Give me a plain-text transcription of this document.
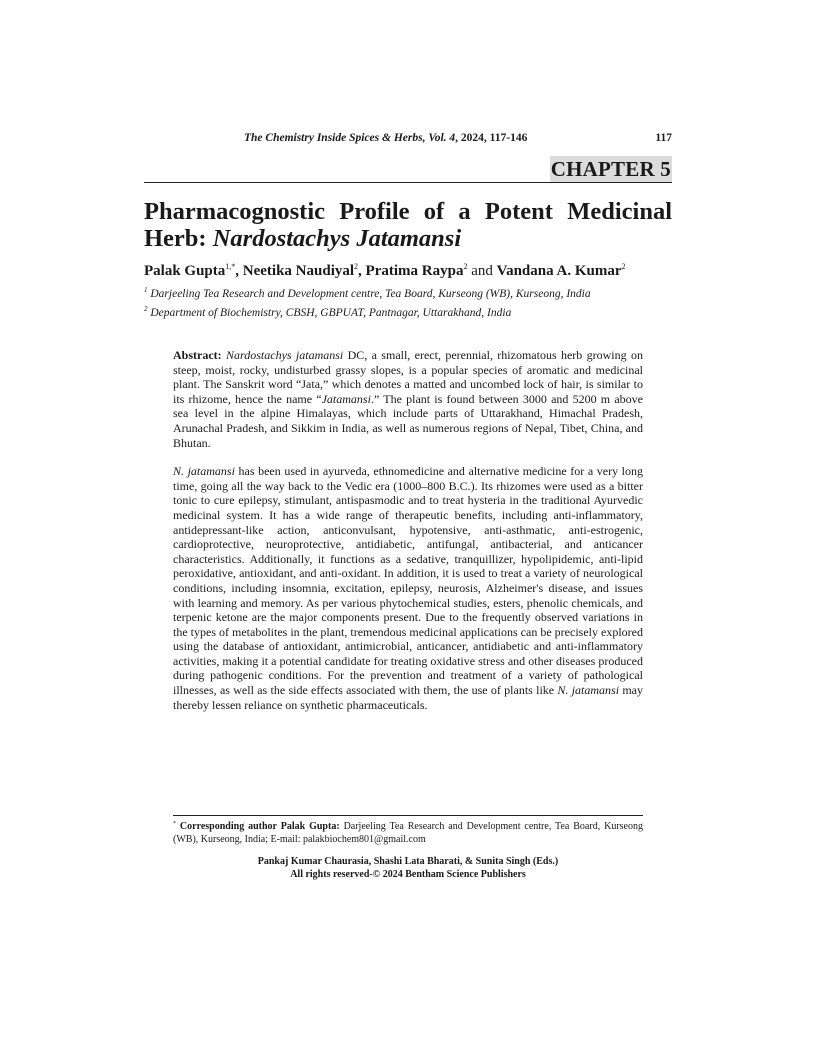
The Chemistry Inside Spices & Herbs, Vol. 4, 2024, 117-146	117
CHAPTER 5
Pharmacognostic Profile of a Potent Medicinal
Herb: Nardostachys Jatamansi
Palak Gupta$^{1,*}$, Neetika Naudiyal$^2$, Pratima Raypa$^2$ and Vandana A. Kumar$^2$
$^1$ Darjeeling Tea Research and Development centre, Tea Board, Kurseong (WB), Kurseong, India
$^2$ Department of Biochemistry, CBSH, GBPUAT, Pantnagar, Uttarakhand, India

Abstract: Nardostachys jatamansi DC, a small, erect, perennial, rhizomatous herb growing on steep, moist, rocky, undisturbed grassy slopes, is a popular species of aromatic and medicinal plant. The Sanskrit word “Jata,” which denotes a matted and uncombed lock of hair, is similar to its rhizome, hence the name “Jatamansi.” The plant is found between 3000 and 5200 m above sea level in the alpine Himalayas, which include parts of Uttarakhand, Himachal Pradesh, Arunachal Pradesh, and Sikkim in India, as well as numerous regions of Nepal, Tibet, China, and Bhutan.

N. jatamansi has been used in ayurveda, ethnomedicine and alternative medicine for a very long time, going all the way back to the Vedic era (1000–800 B.C.). Its rhizomes were used as a bitter tonic to cure epilepsy, stimulant, antispasmodic and to treat hysteria in the traditional Ayurvedic medicinal system. It has a wide range of therapeutic benefits, including anti-inflammatory, antidepressant-like action, anticonvulsant, hypotensive, anti-asthmatic, anti-estrogenic, cardioprotective, neuroprotective, antidiabetic, antifungal, antibacterial, and anticancer characteristics. Additionally, it functions as a sedative, tranquillizer, hypolipidemic, anti-lipid peroxidative, antioxidant, and anti-oxidant. In addition, it is used to treat a variety of neurological conditions, including insomnia, excitation, epilepsy, neurosis, Alzheimer's disease, and issues with learning and memory. As per various phytochemical studies, esters, phenolic chemicals, and terpenic ketone are the major components present. Due to the frequently observed variations in the types of metabolites in the plant, tremendous medicinal applications can be precisely explored using the database of antioxidant, antimicrobial, anticancer, antidiabetic and anti-inflammatory activities, making it a potential candidate for treating oxidative stress and other diseases produced during pathogenic conditions. For the prevention and treatment of a variety of pathological illnesses, as well as the side effects associated with them, the use of plants like N. jatamansi may thereby lessen reliance on synthetic pharmaceuticals.

* Corresponding author Palak Gupta: Darjeeling Tea Research and Development centre, Tea Board, Kurseong (WB), Kurseong, India; E-mail: palakbiochem801@gmail.com
Pankaj Kumar Chaurasia, Shashi Lata Bharati, & Sunita Singh (Eds.)
All rights reserved-© 2024 Bentham Science Publishers
